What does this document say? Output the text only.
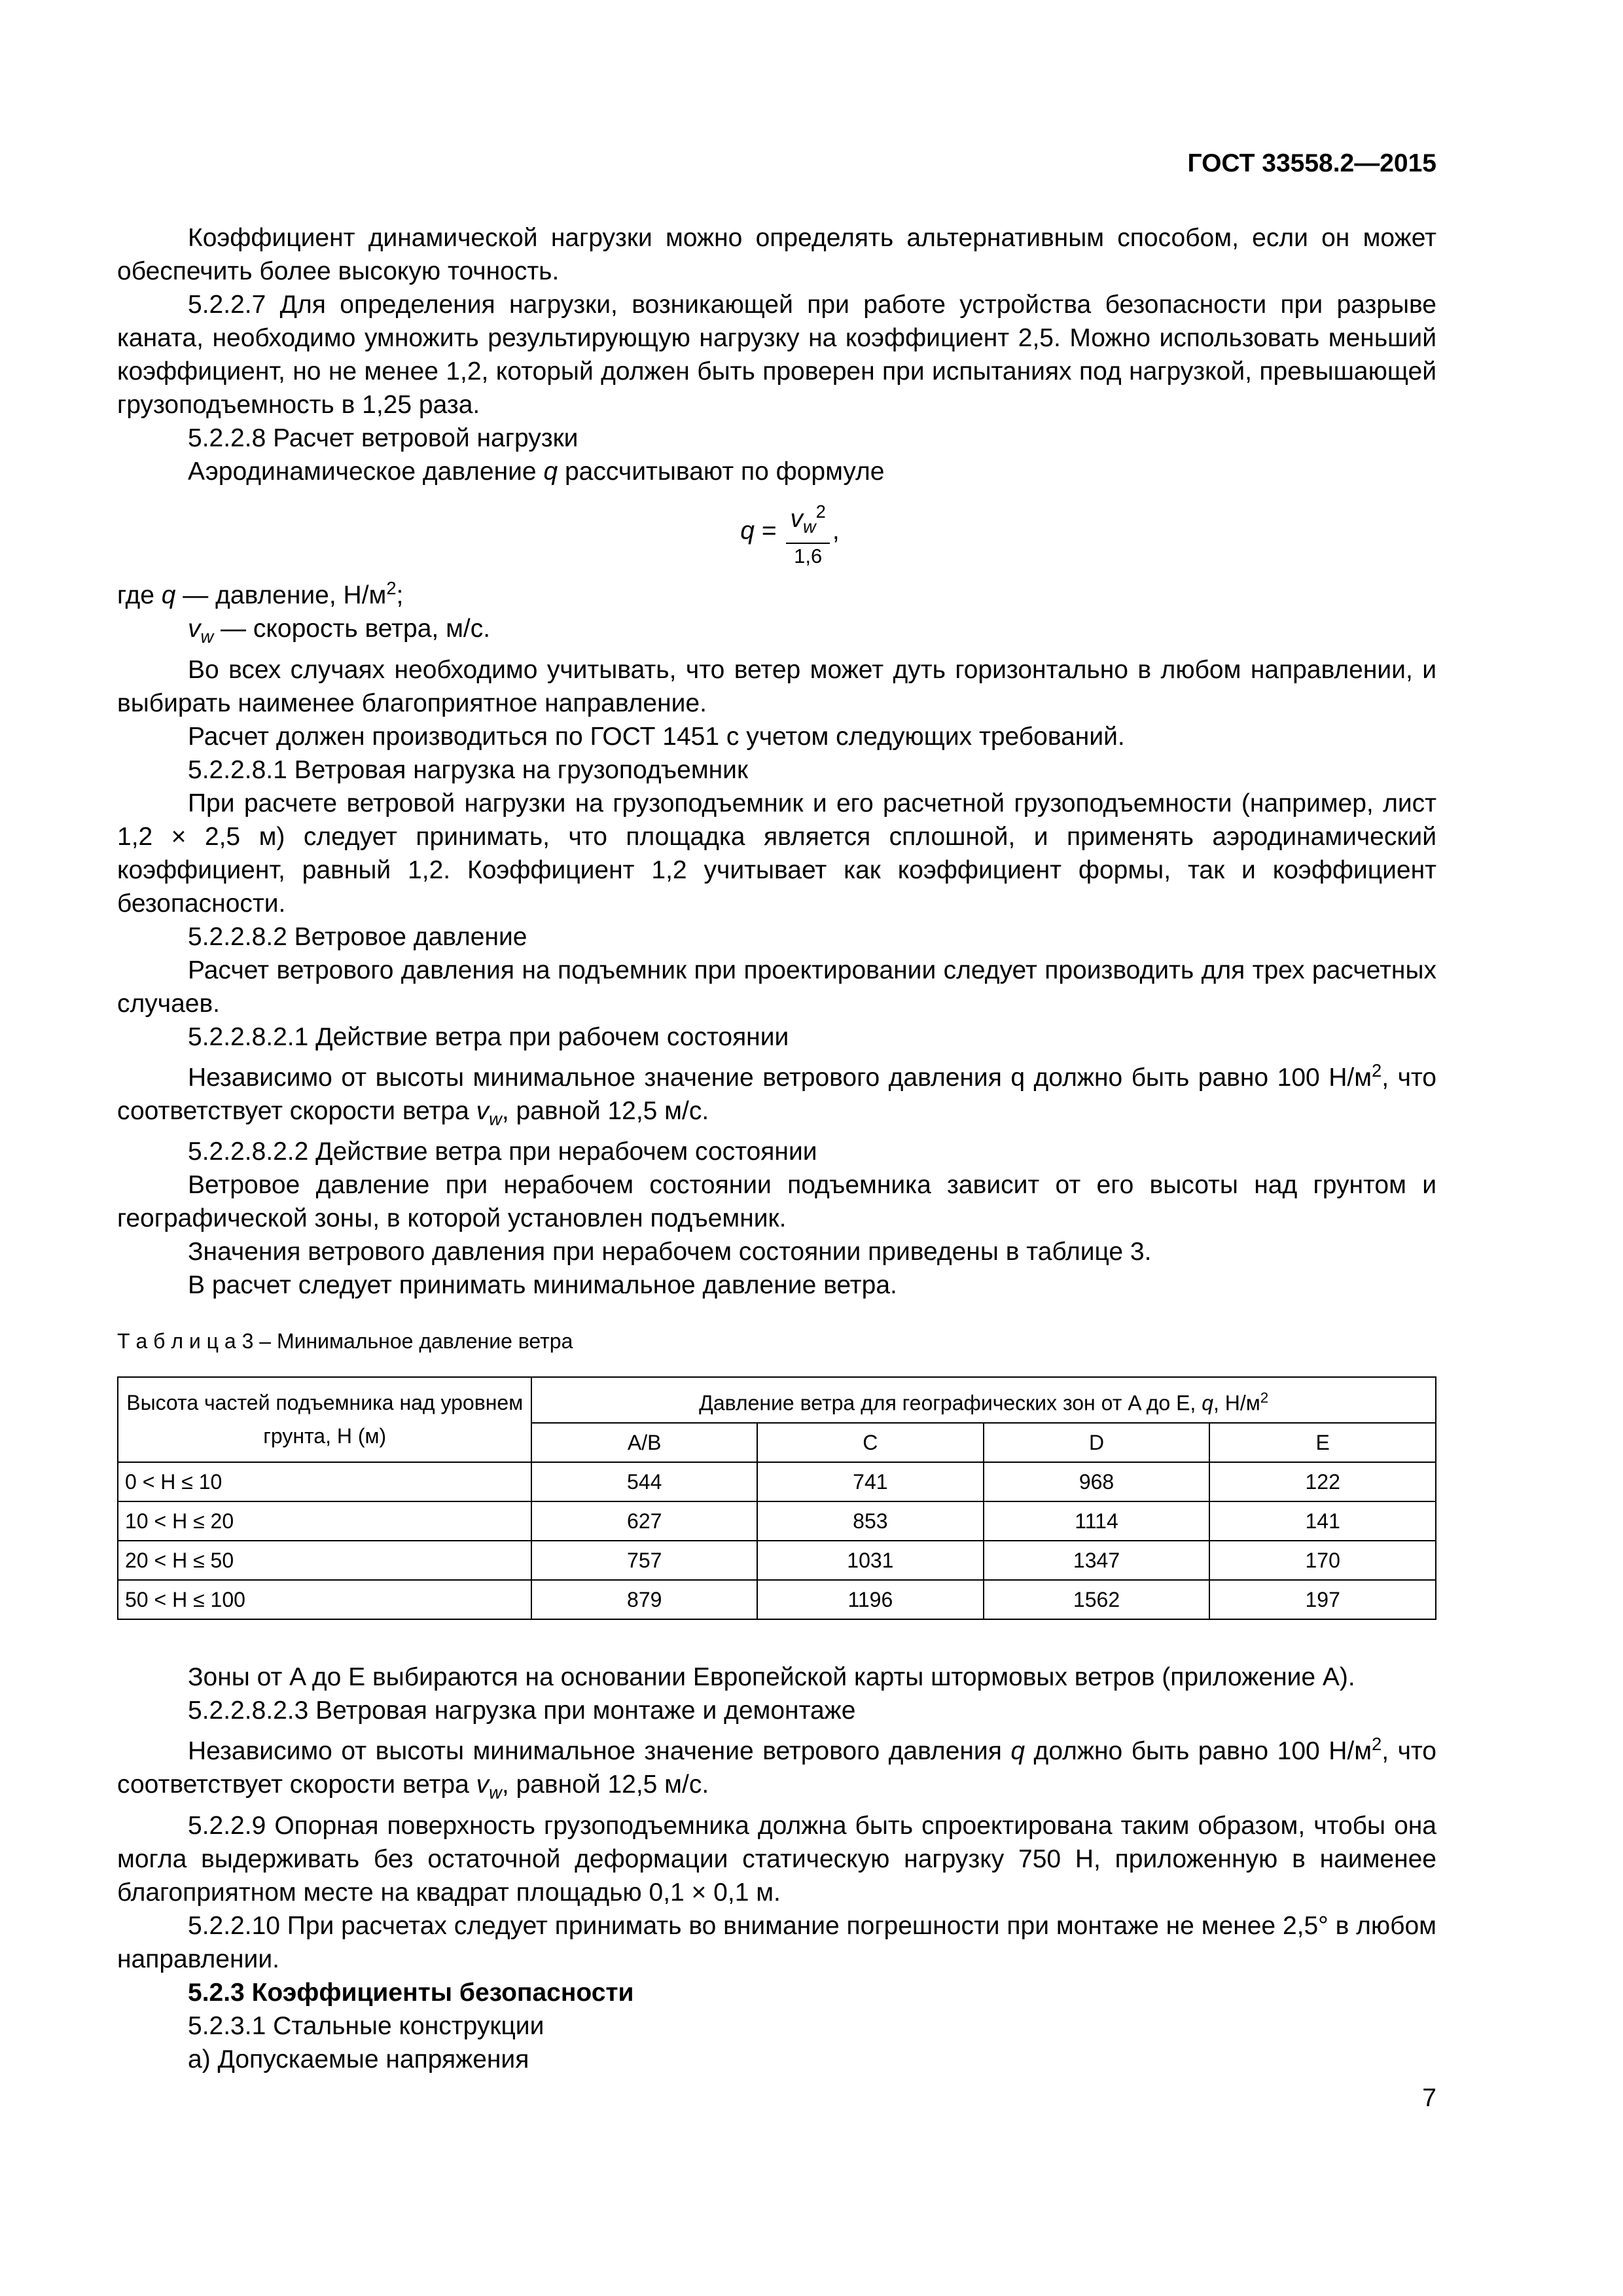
ГОСТ 33558.2—2015

Коэффициент динамической нагрузки можно определять альтернативным способом, если он может обеспечить более высокую точность.

5.2.2.7 Для определения нагрузки, возникающей при работе устройства безопасности при разрыве каната, необходимо умножить результирующую нагрузку на коэффициент 2,5. Можно использовать меньший коэффициент, но не менее 1,2, который должен быть проверен при испытаниях под нагрузкой, превышающей грузоподъемность в 1,25 раза.

5.2.2.8 Расчет ветровой нагрузки

Аэродинамическое давление q рассчитывают по формуле

$q = \frac{v_w^2}{1,6}$ ,

где q — давление, $Н/м^2$;

$v_w$ — скорость ветра, м/с.

Во всех случаях необходимо учитывать, что ветер может дуть горизонтально в любом направлении, и выбирать наименее благоприятное направление.

Расчет должен производиться по ГОСТ 1451 с учетом следующих требований.

5.2.2.8.1 Ветровая нагрузка на грузоподъемник

При расчете ветровой нагрузки на грузоподъемник и его расчетной грузоподъемности (например, лист 1,2 × 2,5 м) следует принимать, что площадка является сплошной, и применять аэродинамический коэффициент, равный 1,2. Коэффициент 1,2 учитывает как коэффициент формы, так и коэффициент безопасности.

5.2.2.8.2 Ветровое давление

Расчет ветрового давления на подъемник при проектировании следует производить для трех расчетных случаев.

5.2.2.8.2.1 Действие ветра при рабочем состоянии

Независимо от высоты минимальное значение ветрового давления q должно быть равно 100 $Н/м^2$, что соответствует скорости ветра $v_w$, равной 12,5 м/с.

5.2.2.8.2.2 Действие ветра при нерабочем состоянии

Ветровое давление при нерабочем состоянии подъемника зависит от его высоты над грунтом и географической зоны, в которой установлен подъемник.

Значения ветрового давления при нерабочем состоянии приведены в таблице 3.

В расчет следует принимать минимальное давление ветра.

Т а б л и ц а 3 – Минимальное давление ветра
Высота частей подъемника над уровнем грунта, Н (м)	Давление ветра для географических зон от A до E, q, $Н/м^2$
	A/B	C	D	E
0 < H ≤ 10	544	741	968	122
10 < H ≤ 20	627	853	1114	141
20 < H ≤ 50	757	1031	1347	170
50 < H ≤ 100	879	1196	1562	197

Зоны от A до E выбираются на основании Европейской карты штормовых ветров (приложение А).

5.2.2.8.2.3 Ветровая нагрузка при монтаже и демонтаже

Независимо от высоты минимальное значение ветрового давления q должно быть равно 100 $Н/м^2$, что соответствует скорости ветра $v_w$, равной 12,5 м/с.

5.2.2.9 Опорная поверхность грузоподъемника должна быть спроектирована таким образом, чтобы она могла выдерживать без остаточной деформации статическую нагрузку 750 Н, приложенную в наименее благоприятном месте на квадрат площадью 0,1 × 0,1 м.

5.2.2.10 При расчетах следует принимать во внимание погрешности при монтаже не менее 2,5° в любом направлении.

5.2.3 Коэффициенты безопасности

5.2.3.1 Стальные конструкции

а) Допускаемые напряжения

7
